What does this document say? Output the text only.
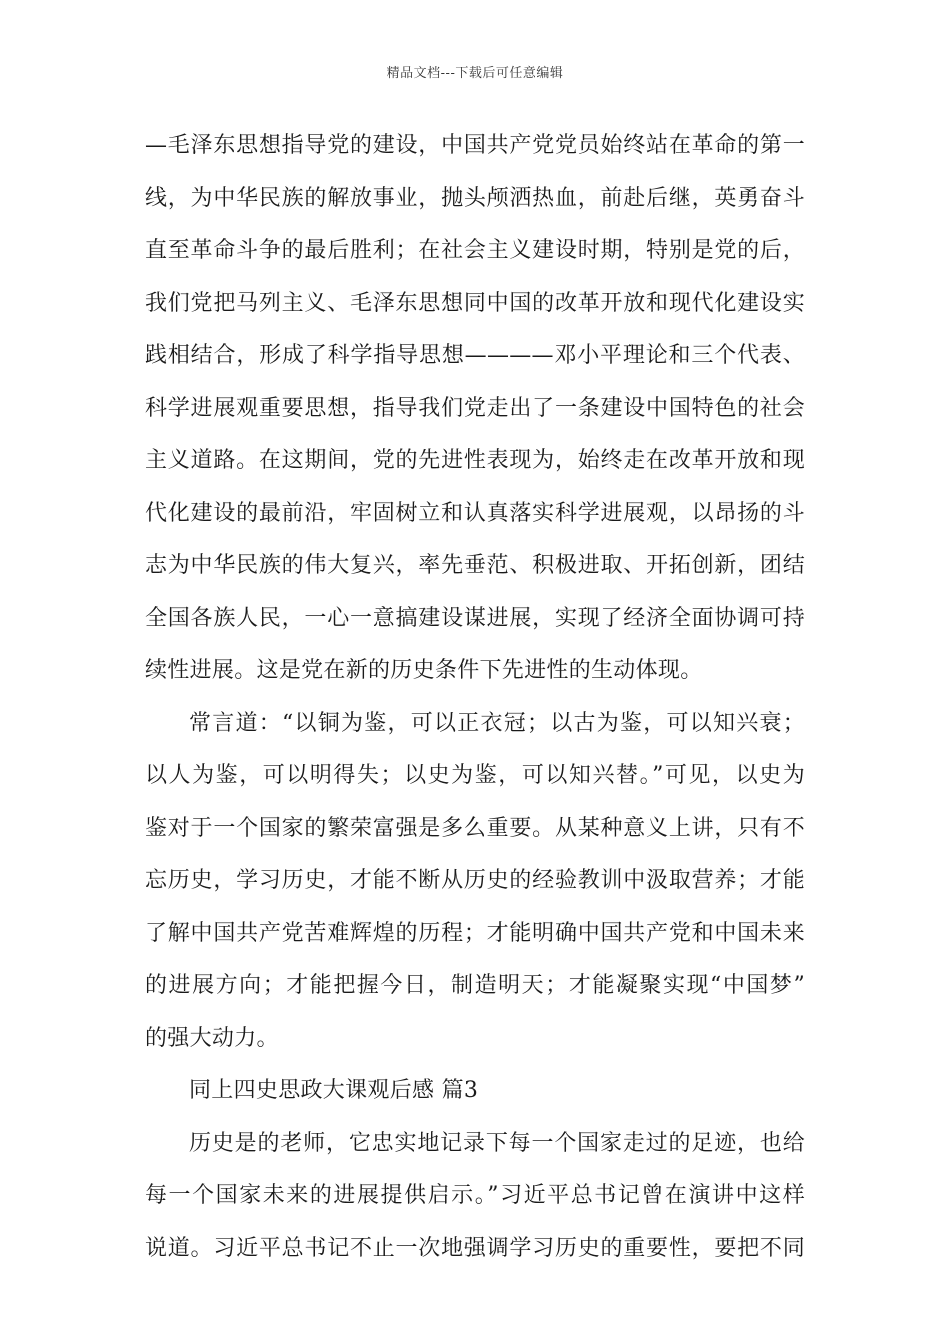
精品文档---下载后可任意编辑
—毛泽东思想指导党的建设，中国共产党党员始终站在革命的第一
线，为中华民族的解放事业，抛头颅洒热血，前赴后继，英勇奋斗
直至革命斗争的最后胜利；在社会主义建设时期，特别是党的后，
我们党把马列主义、毛泽东思想同中国的改革开放和现代化建设实
践相结合，形成了科学指导思想————邓小平理论和三个代表、
科学进展观重要思想，指导我们党走出了一条建设中国特色的社会
主义道路。在这期间，党的先进性表现为，始终走在改革开放和现
代化建设的最前沿，牢固树立和认真落实科学进展观，以昂扬的斗
志为中华民族的伟大复兴，率先垂范、积极进取、开拓创新，团结
全国各族人民，一心一意搞建设谋进展，实现了经济全面协调可持
续性进展。这是党在新的历史条件下先进性的生动体现。
常言道：“以铜为鉴，可以正衣冠；以古为鉴，可以知兴衰；
以人为鉴，可以明得失；以史为鉴，可以知兴替。”可见，以史为
鉴对于一个国家的繁荣富强是多么重要。从某种意义上讲，只有不
忘历史，学习历史，才能不断从历史的经验教训中汲取营养；才能
了解中国共产党苦难辉煌的历程；才能明确中国共产党和中国未来
的进展方向；才能把握今日，制造明天；才能凝聚实现“中国梦”
的强大动力。
同上四史思政大课观后感 篇3
历史是的老师，它忠实地记录下每一个国家走过的足迹，也给
每一个国家未来的进展提供启示。”习近平总书记曾在演讲中这样
说道。习近平总书记不止一次地强调学习历史的重要性，要把不同
